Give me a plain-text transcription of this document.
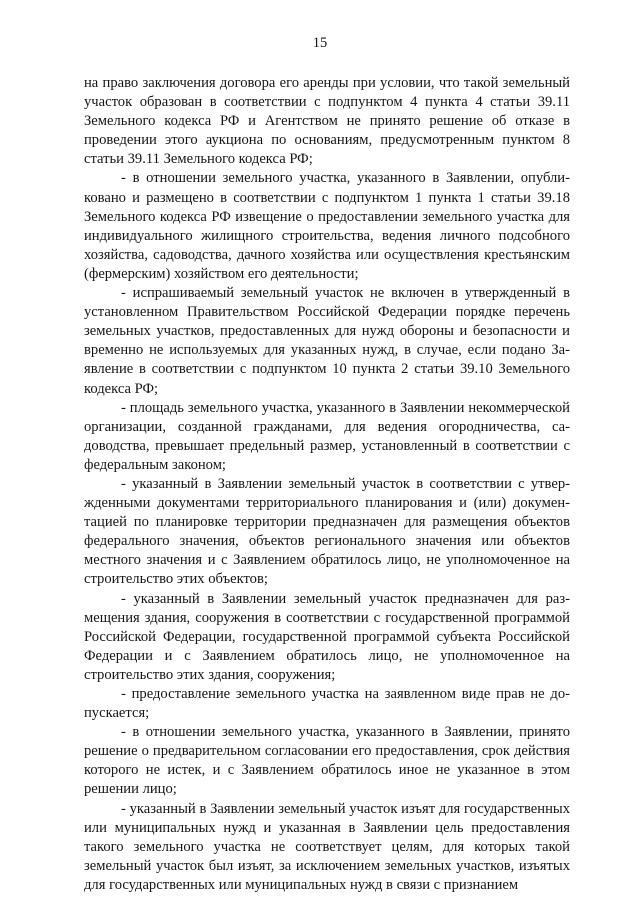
15

на право заключения договора его аренды при условии, что такой земельный участок образован в соответствии с подпунктом 4 пункта 4 статьи 39.11 Земельного кодекса РФ и Агентством не принято решение об отказе в проведении этого аукциона по основаниям, предусмотренным пунктом 8 статьи 39.11 Земельного кодекса РФ;

- в отношении земельного участка, указанного в Заявлении, опубликовано и размещено в соответствии с подпунктом 1 пункта 1 статьи 39.18 Земельного кодекса РФ извещение о предоставлении земельного участка для индивидуального жилищного строительства, ведения личного подсобного хозяйства, садоводства, дачного хозяйства или осуществления крестьянским (фермерским) хозяйством его деятельности;

- испрашиваемый земельный участок не включен в утвержденный в установленном Правительством Российской Федерации порядке перечень земельных участков, предоставленных для нужд обороны и безопасности и временно не используемых для указанных нужд, в случае, если подано Заявление в соответствии с подпунктом 10 пункта 2 статьи 39.10 Земельного кодекса РФ;

- площадь земельного участка, указанного в Заявлении некоммерческой организации, созданной гражданами, для ведения огородничества, садоводства, превышает предельный размер, установленный в соответствии с федеральным законом;

- указанный в Заявлении земельный участок в соответствии с утвержденными документами территориального планирования и (или) документацией по планировке территории предназначен для размещения объектов федерального значения, объектов регионального значения или объектов местного значения и с Заявлением обратилось лицо, не уполномоченное на строительство этих объектов;

- указанный в Заявлении земельный участок предназначен для размещения здания, сооружения в соответствии с государственной программой Российской Федерации, государственной программой субъекта Российской Федерации и с Заявлением обратилось лицо, не уполномоченное на строительство этих здания, сооружения;

- предоставление земельного участка на заявленном виде прав не допускается;

- в отношении земельного участка, указанного в Заявлении, принято решение о предварительном согласовании его предоставления, срок действия которого не истек, и с Заявлением обратилось иное не указанное в этом решении лицо;

- указанный в Заявлении земельный участок изъят для государственных или муниципальных нужд и указанная в Заявлении цель предоставления такого земельного участка не соответствует целям, для которых такой земельный участок был изъят, за исключением земельных участков, изъятых для государственных или муниципальных нужд в связи с признанием
